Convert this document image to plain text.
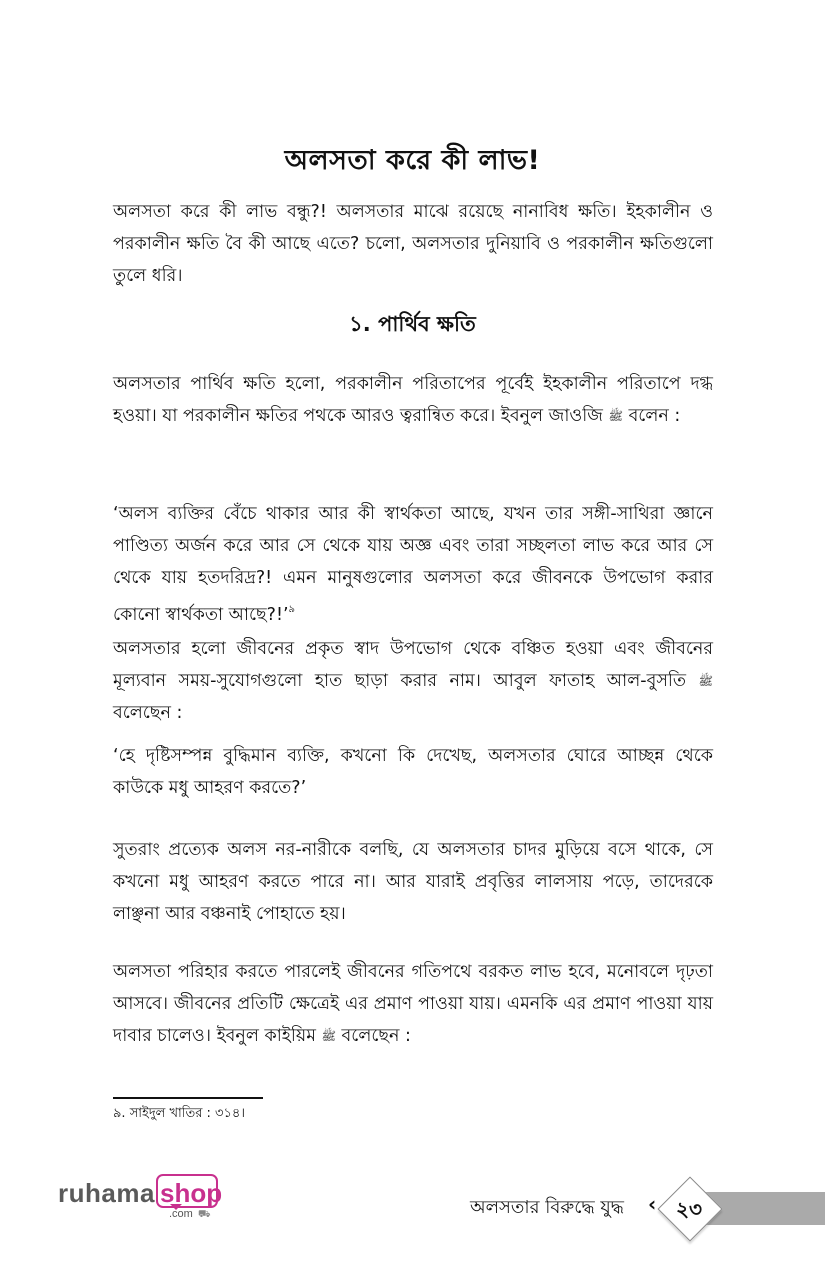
অলসতা করে কী লাভ!
অলসতা করে কী লাভ বন্ধু?! অলসতার মাঝে রয়েছে নানাবিধ ক্ষতি। ইহকালীন ও পরকালীন ক্ষতি বৈ কী আছে এতে? চলো, অলসতার দুনিয়াবি ও পরকালীন ক্ষতিগুলো তুলে ধরি।
১. পার্থিব ক্ষতি
অলসতার পার্থিব ক্ষতি হলো, পরকালীন পরিতাপের পূর্বেই ইহকালীন পরিতাপে দগ্ধ হওয়া। যা পরকালীন ক্ষতির পথকে আরও ত্বরান্বিত করে। ইবনুল জাওজি ﷺ বলেন :
‘অলস ব্যক্তির বেঁচে থাকার আর কী স্বার্থকতা আছে, যখন তার সঙ্গী-সাথিরা জ্ঞানে পাণ্ডিত্য অর্জন করে আর সে থেকে যায় অজ্ঞ এবং তারা সচ্ছলতা লাভ করে আর সে থেকে যায় হতদরিদ্র?! এমন মানুষগুলোর অলসতা করে জীবনকে উপভোগ করার কোনো স্বার্থকতা আছে?!’$^৯$
অলসতার হলো জীবনের প্রকৃত স্বাদ উপভোগ থেকে বঞ্চিত হওয়া এবং জীবনের মূল্যবান সময়-সুযোগগুলো হাত ছাড়া করার নাম। আবুল ফাতাহ আল-বুসতি ﷺ বলেছেন :
‘হে দৃষ্টিসম্পন্ন বুদ্ধিমান ব্যক্তি, কখনো কি দেখেছ, অলসতার ঘোরে আচ্ছন্ন থেকে কাউকে মধু আহরণ করতে?’
সুতরাং প্রত্যেক অলস নর-নারীকে বলছি, যে অলসতার চাদর মুড়িয়ে বসে থাকে, সে কখনো মধু আহরণ করতে পারে না। আর যারাই প্রবৃত্তির লালসায় পড়ে, তাদেরকে লাঞ্ছনা আর বঞ্চনাই পোহাতে হয়।
অলসতা পরিহার করতে পারলেই জীবনের গতিপথে বরকত লাভ হবে, মনোবলে দৃঢ়তা আসবে। জীবনের প্রতিটি ক্ষেত্রেই এর প্রমাণ পাওয়া যায়। এমনকি এর প্রমাণ পাওয়া যায় দাবার চালেও। ইবনুল কাইয়িম ﷺ বলেছেন :
৯. সাইদুল খাতির : ৩১৪।
ruhama shop
.com ⛟	অলসতার বিরুদ্ধে যুদ্ধ ‹ ২৩
